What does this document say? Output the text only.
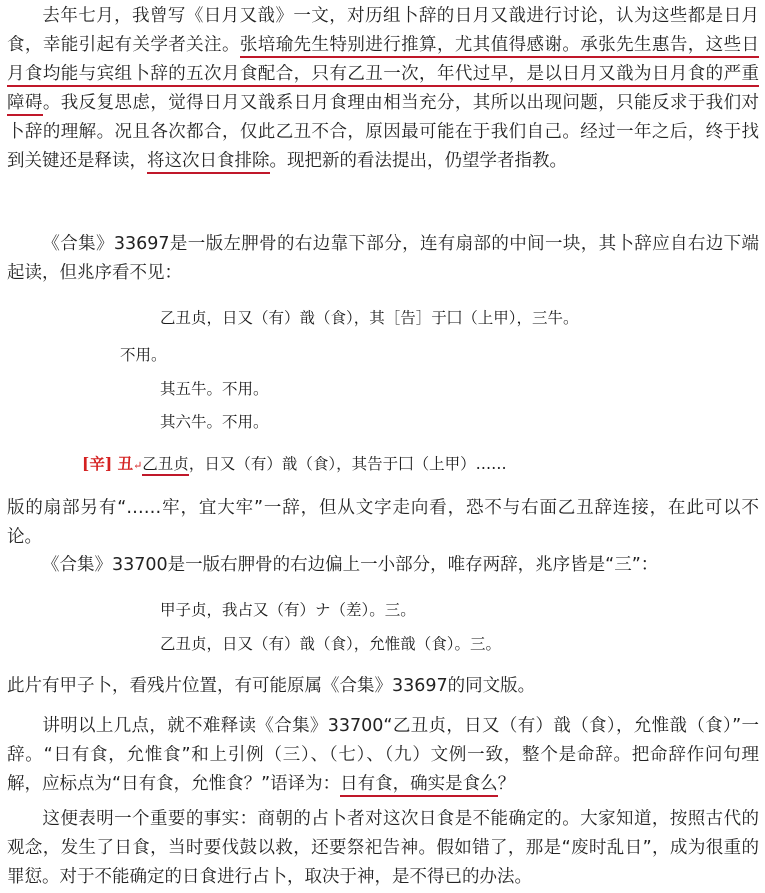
去年七月，我曾写《日月又戠》一文，对历组卜辞的日月又戠进行讨论，认为这些都是日月食，幸能引起有关学者关注。张培瑜先生特别进行推算，尤其值得感谢。承张先生惠告，这些日月食均能与宾组卜辞的五次月食配合，只有乙丑一次，年代过早，是以日月又戠为日月食的严重障碍。我反复思虑，觉得日月又戠系日月食理由相当充分，其所以出现问题，只能反求于我们对卜辞的理解。况且各次都合，仅此乙丑不合，原因最可能在于我们自己。经过一年之后，终于找到关键还是释读，将这次日食排除。现把新的看法提出，仍望学者指教。

《合集》33697是一版左胛骨的右边靠下部分，连有扇部的中间一块，其卜辞应自右边下端起读，但兆序看不见：

乙丑贞，日又（有）戠（食），其［告］于囗（上甲），三牛。
不用。
其五牛。不用。
其六牛。不用。
[辛] 丑↵乙丑贞，日又（有）戠（食），其告于囗（上甲）……

版的扇部另有“……牢，宜大牢”一辞，但从文字走向看，恐不与右面乙丑辞连接，在此可以不论。

《合集》33700是一版右胛骨的右边偏上一小部分，唯存两辞，兆序皆是“三”：

甲子贞，我占又（有）ナ（差）。三。
乙丑贞，日又（有）戠（食），允惟戠（食）。三。

此片有甲子卜，看残片位置，有可能原属《合集》33697的同文版。

讲明以上几点，就不难释读《合集》33700“乙丑贞，日又（有）戠（食），允惟戠（食）”一辞。“日有食，允惟食”和上引例（三）、（七）、（九）文例一致，整个是命辞。把命辞作问句理解，应标点为“日有食，允惟食？”语译为：日有食，确实是食么？

这便表明一个重要的事实：商朝的占卜者对这次日食是不能确定的。大家知道，按照古代的观念，发生了日食，当时要伐鼓以救，还要祭祀告神。假如错了，那是“废时乱日”，成为很重的罪愆。对于不能确定的日食进行占卜，取决于神，是不得已的办法。
